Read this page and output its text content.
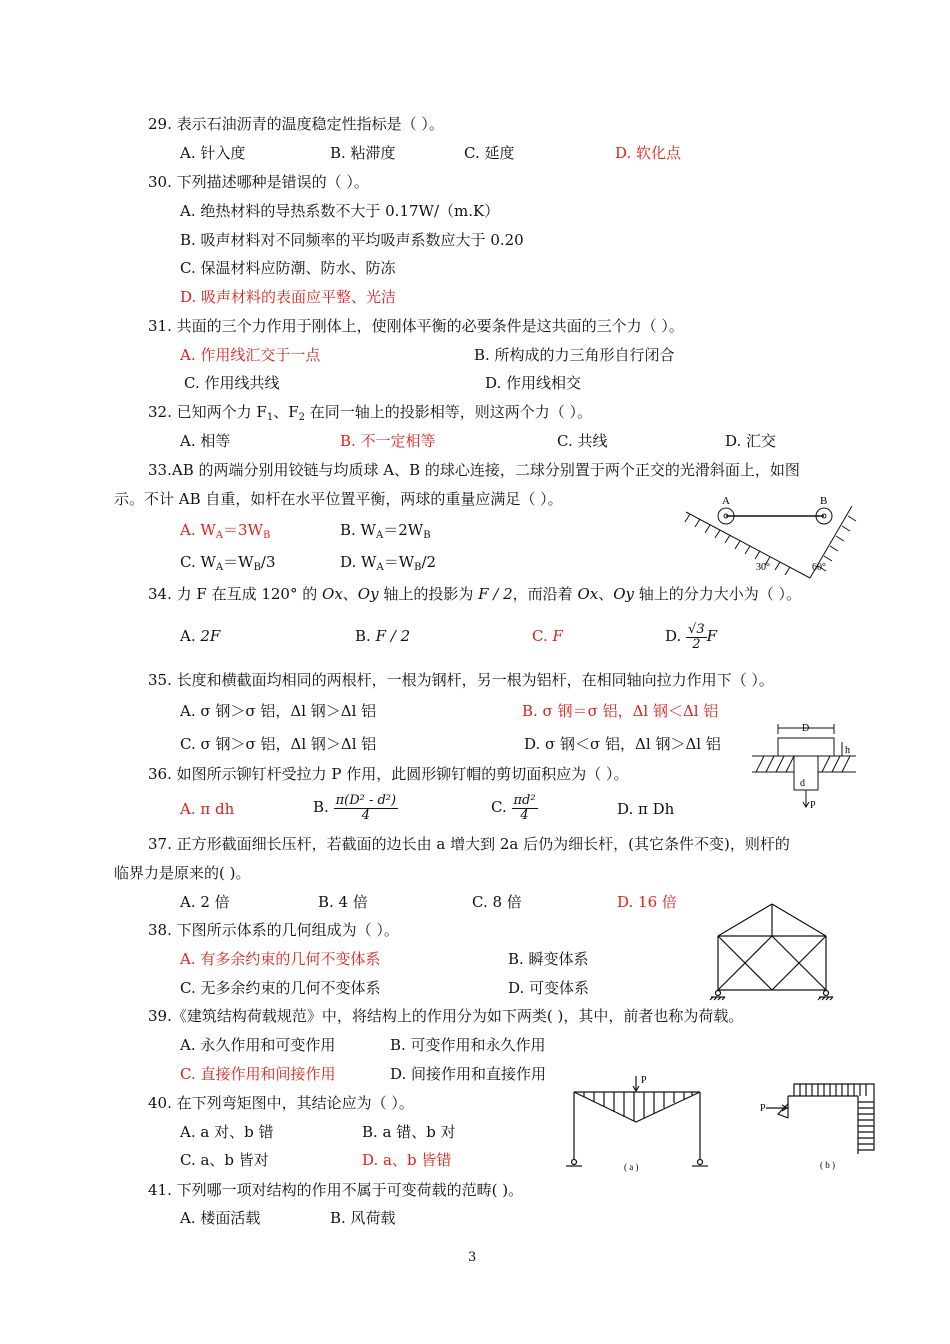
29. 表示石油沥青的温度稳定性指标是（ ）。
A. 针入度	B. 粘滞度	C. 延度	D. 软化点
30. 下列描述哪种是错误的（ ）。
A. 绝热材料的导热系数不大于 0.17W/（m.K）
B. 吸声材料对不同频率的平均吸声系数应大于 0.20
C. 保温材料应防潮、防水、防冻
D. 吸声材料的表面应平整、光洁
31. 共面的三个力作用于刚体上，使刚体平衡的必要条件是这共面的三个力（ ）。
A. 作用线汇交于一点	B. 所构成的力三角形自行闭合
C. 作用线共线	D. 作用线相交
32. 已知两个力 $F_1$、$F_2$ 在同一轴上的投影相等，则这两个力（ ）。
A. 相等	B. 不一定相等	C. 共线	D. 汇交
33.AB 的两端分别用铰链与均质球 A、B 的球心连接，二球分别置于两个正交的光滑斜面上，如图
示。不计 AB 自重，如杆在水平位置平衡，两球的重量应满足（ ）。
A. $W_A=3W_B$	B. $W_A=2W_B$
C. $W_A=W_B/3$	D. $W_A=W_B/2$
A	B
30°	60°
34. 力 F 在互成 120° 的 Ox、Oy 轴上的投影为 F / 2，而沿着 Ox、Oy 轴上的分力大小为（ ）。
A. 2F	B. F / 2	C. F	D. $\frac{√3}{2}$ F
35. 长度和横截面均相同的两根杆，一根为钢杆，另一根为铝杆，在相同轴向拉力作用下（ ）。
A. σ 钢＞σ 铝，Δl 钢＞Δl 铝	B. σ 钢＝σ 铝，Δl 钢＜Δl 铝
C. σ 钢＞σ 铝，Δl 钢＞Δl 铝	D. σ 钢＜σ 铝，Δl 钢＞Δl 铝
D
d
h
P
36. 如图所示铆钉杆受拉力 P 作用，此圆形铆钉帽的剪切面积应为（ ）。
A. π dh	B. $\frac{\text{π(D² - d²)}}{4}$	C. $\frac{\text{πd²}}{4}$	D. π Dh
37. 正方形截面细长压杆，若截面的边长由 a 增大到 2a 后仍为细长杆，(其它条件不变)，则杆的
临界力是原来的( )。
A. 2 倍	B. 4 倍	C. 8 倍	D. 16 倍
38. 下图所示体系的几何组成为（ ）。
A. 有多余约束的几何不变体系	B. 瞬变体系
C. 无多余约束的几何不变体系	D. 可变体系
39.《建筑结构荷载规范》中，将结构上的作用分为如下两类( )，其中，前者也称为荷载。
A. 永久作用和可变作用	B. 可变作用和永久作用
C. 直接作用和间接作用	D. 间接作用和直接作用
40. 在下列弯矩图中，其结论应为（ ）。
A. a 对、b 错	B. a 错、b 对
C. a、b 皆对	D. a、b 皆错
P
( a )
P
( b )
41. 下列哪一项对结构的作用不属于可变荷载的范畴( )。
A. 楼面活载	B. 风荷载
3
